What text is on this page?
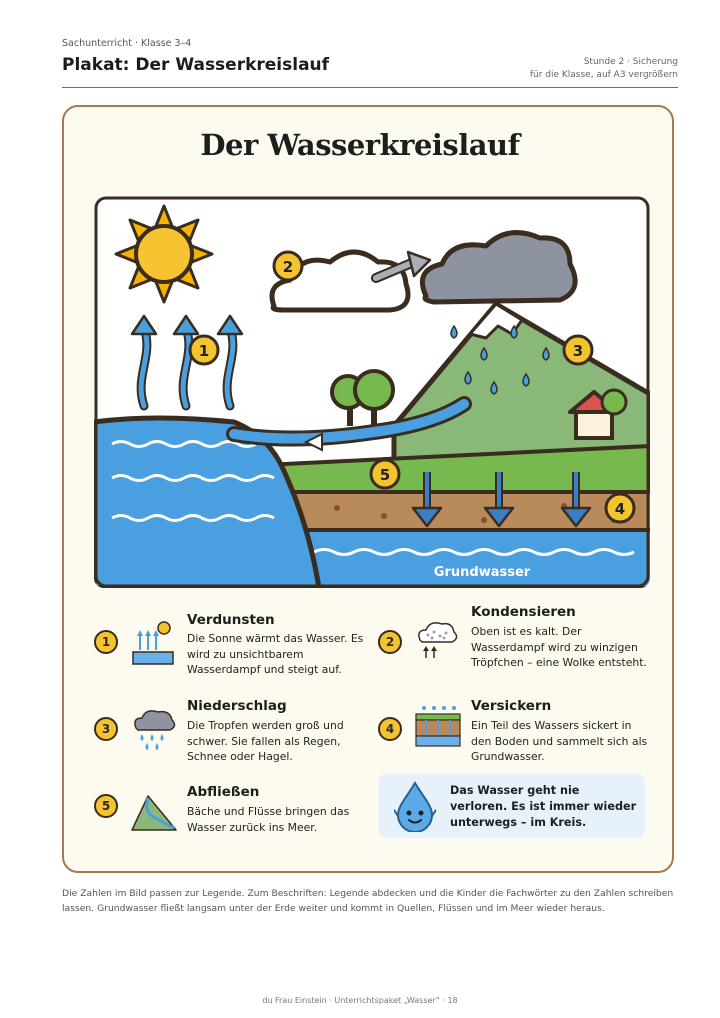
Sachunterricht · Klasse 3–4
Plakat: Der Wasserkreislauf	Stunde 2 · Sicherung
für die Klasse, auf A3 vergrößern
Der Wasserkreislauf
1
2
3
4
5
Grundwasser
1
Verdunsten
Die Sonne wärmt das Wasser. Es wird zu unsichtbarem Wasserdampf und steigt auf.
2
Kondensieren
Oben ist es kalt. Der Wasserdampf wird zu winzigen Tröpfchen – eine Wolke entsteht.
3
Niederschlag
Die Tropfen werden groß und schwer. Sie fallen als Regen, Schnee oder Hagel.
4
Versickern
Ein Teil des Wassers sickert in den Boden und sammelt sich als Grundwasser.
5
Abfließen
Bäche und Flüsse bringen das Wasser zurück ins Meer.
Das Wasser geht nie verloren. Es ist immer wieder unterwegs – im Kreis.
Die Zahlen im Bild passen zur Legende. Zum Beschriften: Legende abdecken und die Kinder die Fachwörter zu den Zahlen schreiben lassen. Grundwasser fließt langsam unter der Erde weiter und kommt in Quellen, Flüssen und im Meer wieder heraus.
du Frau Einstein · Unterrichtspaket „Wasser“ · 18
